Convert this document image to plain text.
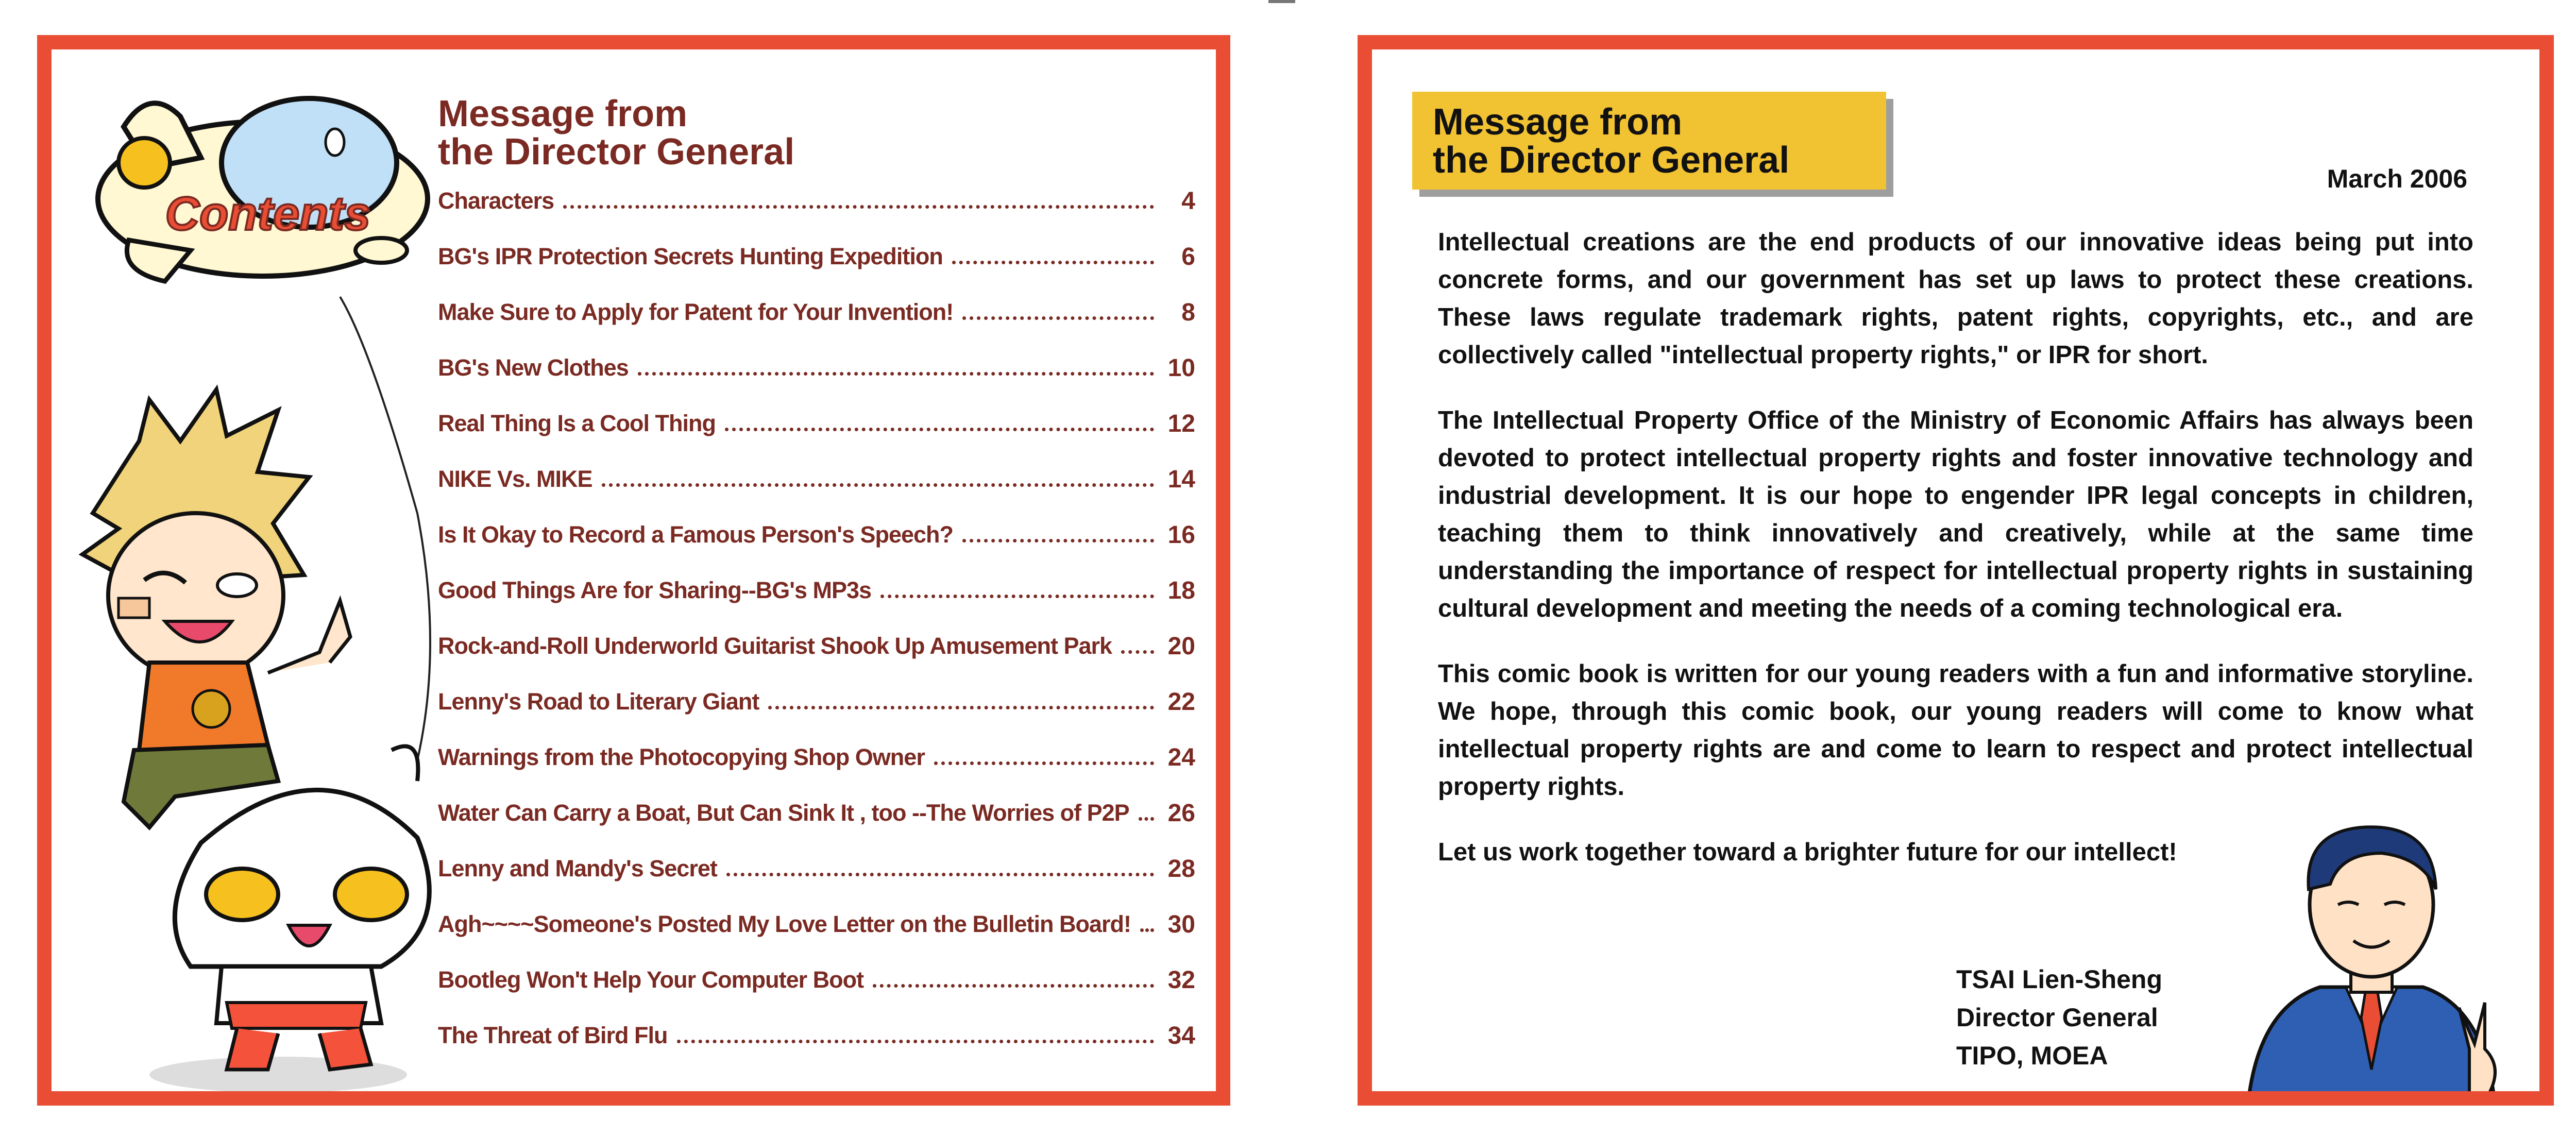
Contents
Message from
the Director General
Characters	4
BG's IPR Protection Secrets Hunting Expedition	6
Make Sure to Apply for Patent for Your Invention!	8
BG's New Clothes	10
Real Thing Is a Cool Thing	12
NIKE Vs. MIKE	14
Is It Okay to Record a Famous Person's Speech?	16
Good Things Are for Sharing--BG's MP3s	18
Rock-and-Roll Underworld Guitarist Shook Up Amusement Park	20
Lenny's Road to Literary Giant	22
Warnings from the Photocopying Shop Owner	24
Water Can Carry a Boat, But Can Sink It , too --The Worries of P2P	26
Lenny and Mandy's Secret	28
Agh~~~~Someone's Posted My Love Letter on the Bulletin Board!	30
Bootleg Won't Help Your Computer Boot	32
The Threat of Bird Flu	34
Message from
the Director General	March 2006

Intellectual creations are the end products of our innovative ideas being put into concrete forms, and our government has set up laws to protect these creations. These laws regulate trademark rights, patent rights, copyrights, etc., and are collectively called "intellectual property rights," or IPR for short.

The Intellectual Property Office of the Ministry of Economic Affairs has always been devoted to protect intellectual property rights and foster innovative technology and industrial development. It is our hope to engender IPR legal concepts in children, teaching them to think innovatively and creatively, while at the same time understanding the importance of respect for intellectual property rights in sustaining cultural development and meeting the needs of a coming technological era.

This comic book is written for our young readers with a fun and informative storyline. We hope, through this comic book, our young readers will come to know what intellectual property rights are and come to learn to respect and protect intellectual property rights.

Let us work together toward a brighter future for our intellect!

TSAI Lien-Sheng
Director General
TIPO, MOEA
